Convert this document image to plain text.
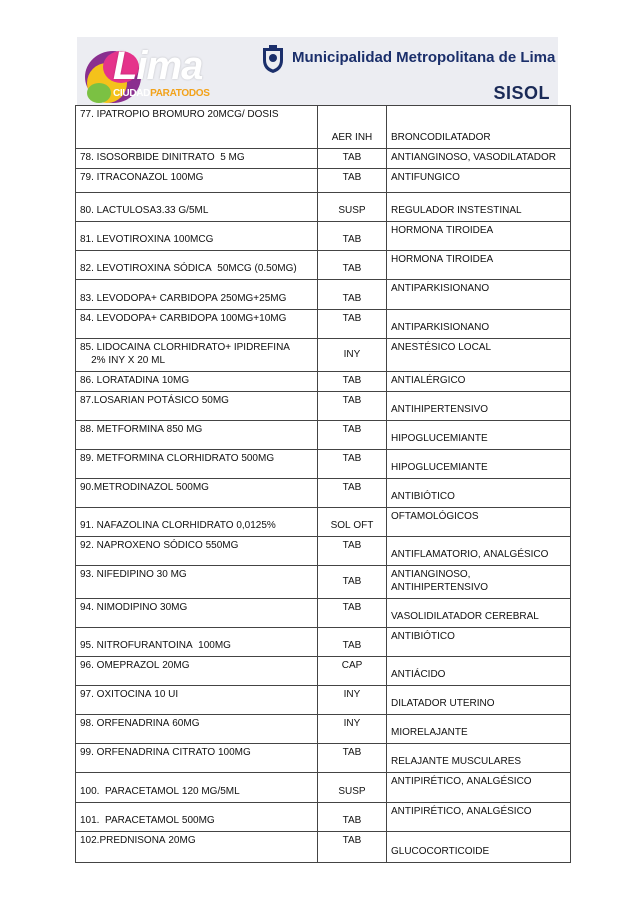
Lima
CIUDADPARATODOS
Municipalidad Metropolitana de Lima
SISOL
77. IPATROPIO BROMURO 20MCG/ DOSIS	AER INH	BRONCODILATADOR

78. ISOSORBIDE DINITRATO  5 MG	TAB	ANTIANGINOSO, VASODILATADOR

79. ITRACONAZOL 100MG	TAB	ANTIFUNGICO

80. LACTULOSA3.33 G/5ML	SUSP	REGULADOR INSTESTINAL

81. LEVOTIROXINA 100MCG	TAB	HORMONA TIROIDEA

82. LEVOTIROXINA SÓDICA  50MCG (0.50MG)	TAB	HORMONA TIROIDEA

83. LEVODOPA+ CARBIDOPA 250MG+25MG	TAB	ANTIPARKISIONANO

84. LEVODOPA+ CARBIDOPA 100MG+10MG	TAB	ANTIPARKISIONANO

85. LIDOCAINA CLORHIDRATO+ IPIDREFINA
2% INY X 20 ML	INY	ANESTÉSICO LOCAL

86. LORATADINA 10MG	TAB	ANTIALÉRGICO

87.LOSARIAN POTÁSICO 50MG	TAB	ANTIHIPERTENSIVO

88. METFORMINA 850 MG	TAB	HIPOGLUCEMIANTE

89. METFORMINA CLORHIDRATO 500MG	TAB	HIPOGLUCEMIANTE

90.METRODINAZOL 500MG	TAB	ANTIBIÓTICO

91. NAFAZOLINA CLORHIDRATO 0,0125%	SOL OFT	OFTAMOLÓGICOS

92. NAPROXENO SÓDICO 550MG	TAB	ANTIFLAMATORIO, ANALGÉSICO

93. NIFEDIPINO 30 MG	TAB	ANTIANGINOSO,
ANTIHIPERTENSIVO

94. NIMODIPINO 30MG	TAB	VASOLIDILATADOR CEREBRAL

95. NITROFURANTOINA  100MG	TAB	ANTIBIÓTICO

96. OMEPRAZOL 20MG	CAP	ANTIÁCIDO

97. OXITOCINA 10 UI	INY	DILATADOR UTERINO

98. ORFENADRINA 60MG	INY	MIORELAJANTE

99. ORFENADRINA CITRATO 100MG	TAB	RELAJANTE MUSCULARES

100.  PARACETAMOL 120 MG/5ML	SUSP	ANTIPIRÉTICO, ANALGÉSICO

101.  PARACETAMOL 500MG	TAB	ANTIPIRÉTICO, ANALGÉSICO

102.PREDNISONA 20MG	TAB	GLUCOCORTICOIDE
